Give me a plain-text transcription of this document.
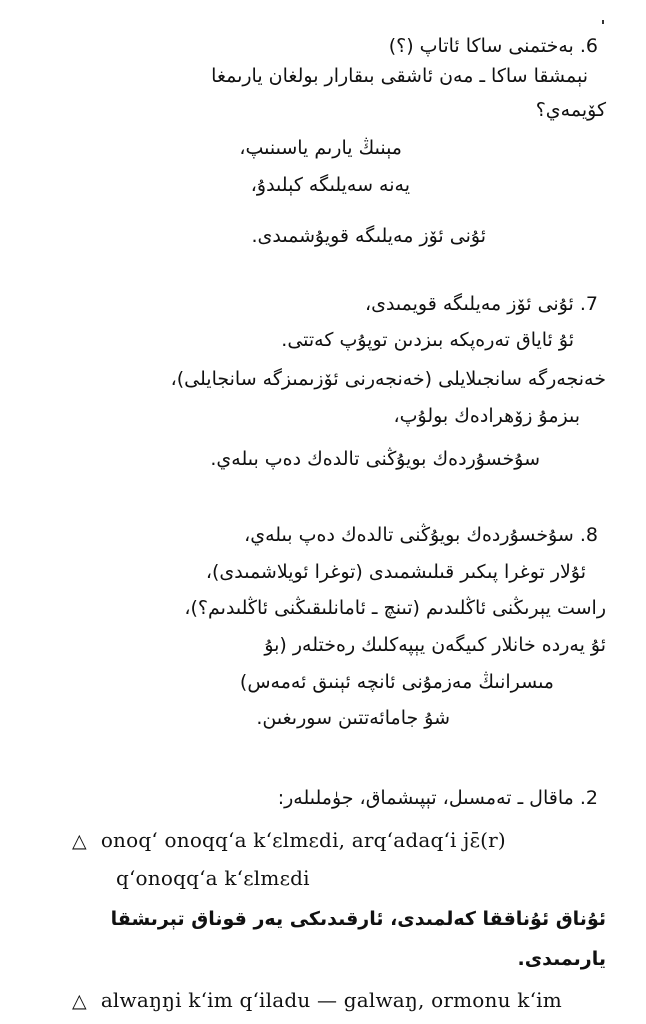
6. بەختمنى ساكا ئاتاپ (؟)

نېمشقا ساكا ـ مەن ئاشقى بىقارار بولغان يارىمغا

كۆيمەي؟

مېنىڭ يارىم ياسىنىپ،

يەنە سەيلىگە كېلىدۇ،

ئۇنى ئۆز مەيلىگە قويۇشمىدى.

7. ئۇنى ئۆز مەيلىگە قويمىدى،

ئۇ ئاياق تەرەپكە بىزدىن توپۇپ كەتتى.

خەنجەرگە سانجىلايلى (خەنجەرنى ئۆزىمىزگە سانجايلى)،

بىزمۇ زۆھرادەك بولۇپ،

سۇخسۇردەك بويۇڭنى تالدەك دەپ بىلەي.

8. سۇخسۇردەك بويۇڭنى تالدەك دەپ بىلەي،

ئۇلار توغرا پىكىر قىلىشمىدى (توغرا ئويلاشمىدى)،

راست يېرىڭنى ئاڭلىدىم (تىنچ ـ ئامانلىقىڭنى ئاڭلىدىم؟)،

ئۇ يەردە خانلار كىيگەن يېپەكلىك رەختلەر (بۇ

مىسرانىڭ مەزمۇنى ئانچە ئېنىق ئەمەس)

شۇ جامائەتتىن سورىغىن.

2. ماقال ـ تەمسىل، تېپىشماق، جۈملىلەر:

△ onoq‘ onoqq‘a k‘εlmεdi, arq‘adaq‘i jε̄(r)

q‘onoqq‘a k‘εlmεdi

ئۇناق ئۇناققا كەلمىدى، ئارقىدىكى يەر قوناق تېرىشقا

يارىمىدى.

△ alwaŋŋi k‘im q‘iladu — galwaŋ, ormonu k‘im
